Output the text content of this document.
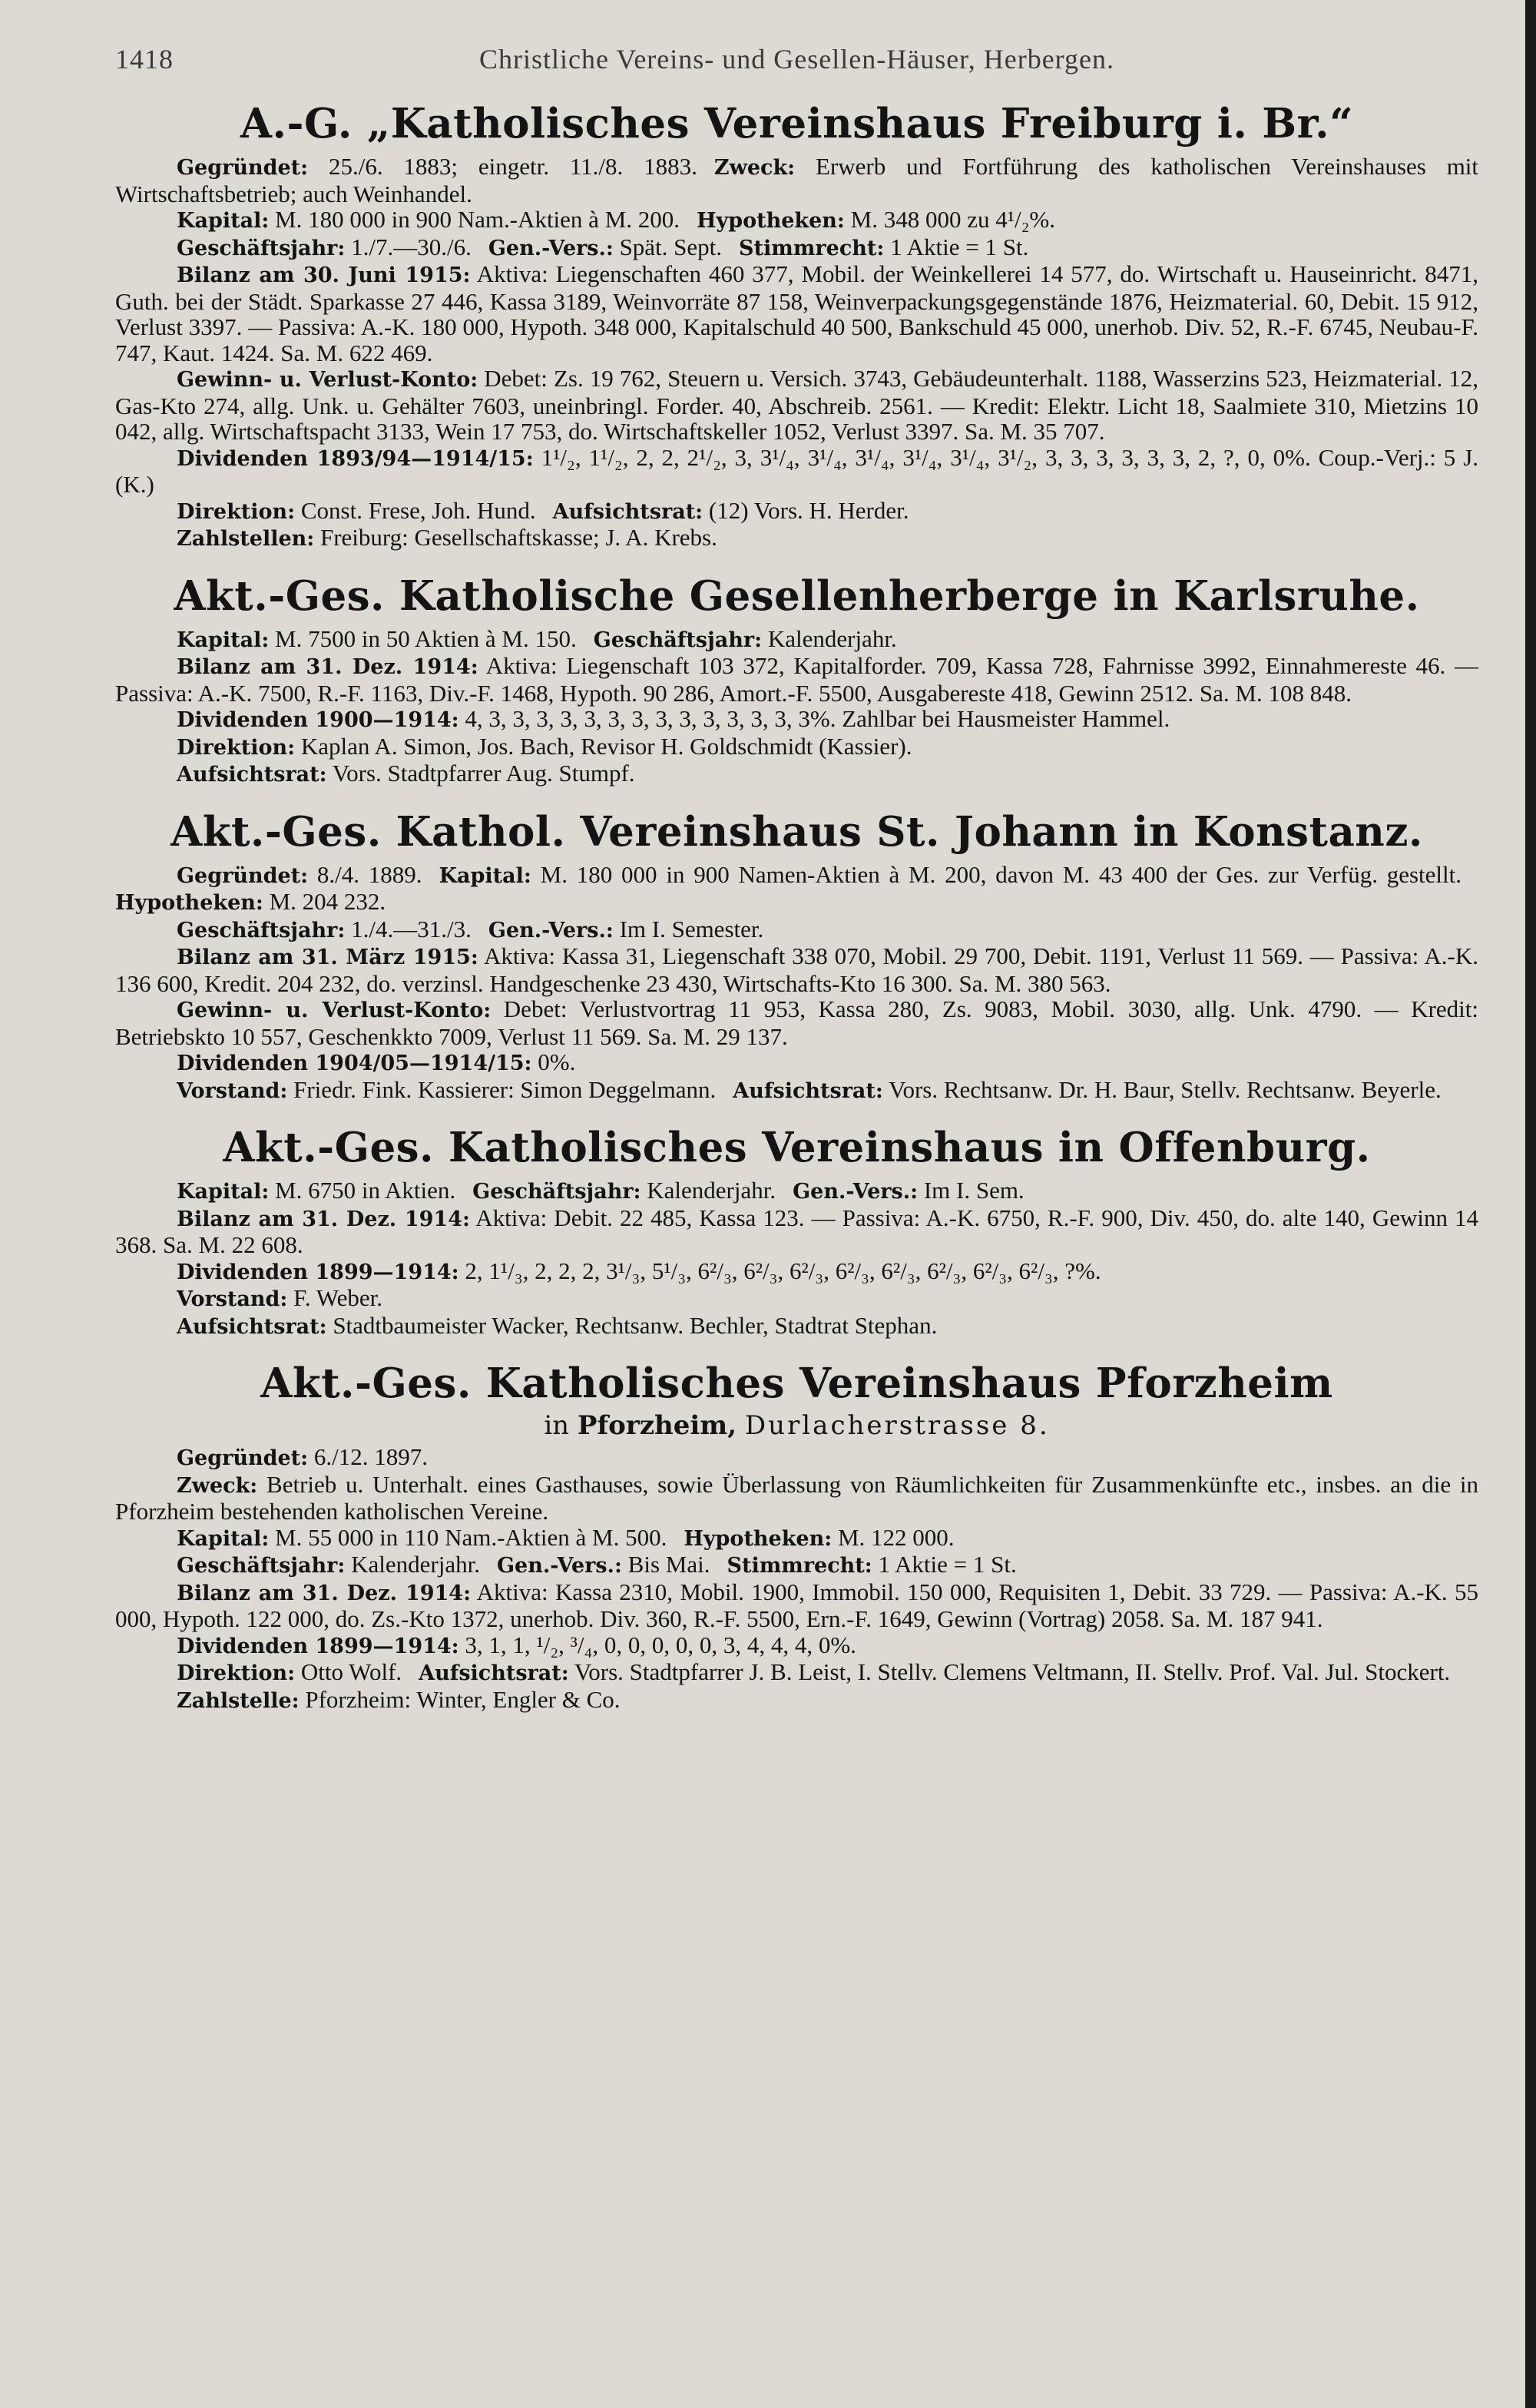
1418	Christliche Vereins- und Gesellen-Häuser, Herbergen.
A.-G. „Katholisches Vereinshaus Freiburg i. Br.“

Gegründet: 25./6. 1883; eingetr. 11./8. 1883. Zweck: Erwerb und Fortführung des katholischen Vereinshauses mit Wirtschaftsbetrieb; auch Weinhandel.

Kapital: M. 180 000 in 900 Nam.-Aktien à M. 200. Hypotheken: M. 348 000 zu 4¹/₂%.

Geschäftsjahr: 1./7.—30./6. Gen.-Vers.: Spät. Sept. Stimmrecht: 1 Aktie = 1 St.

Bilanz am 30. Juni 1915: Aktiva: Liegenschaften 460 377, Mobil. der Weinkellerei 14 577, do. Wirtschaft u. Hauseinricht. 8471, Guth. bei der Städt. Sparkasse 27 446, Kassa 3189, Weinvorräte 87 158, Weinverpackungsgegenstände 1876, Heizmaterial. 60, Debit. 15 912, Verlust 3397. — Passiva: A.-K. 180 000, Hypoth. 348 000, Kapitalschuld 40 500, Bankschuld 45 000, unerhob. Div. 52, R.-F. 6745, Neubau-F. 747, Kaut. 1424. Sa. M. 622 469.

Gewinn- u. Verlust-Konto: Debet: Zs. 19 762, Steuern u. Versich. 3743, Gebäudeunterhalt. 1188, Wasserzins 523, Heizmaterial. 12, Gas-Kto 274, allg. Unk. u. Gehälter 7603, uneinbringl. Forder. 40, Abschreib. 2561. — Kredit: Elektr. Licht 18, Saalmiete 310, Mietzins 10 042, allg. Wirtschaftspacht 3133, Wein 17 753, do. Wirtschaftskeller 1052, Verlust 3397. Sa. M. 35 707.

Dividenden 1893/94—1914/15: 1¹/₂, 1¹/₂, 2, 2, 2¹/₂, 3, 3¹/₄, 3¹/₄, 3¹/₄, 3¹/₄, 3¹/₄, 3¹/₂, 3, 3, 3, 3, 3, 3, 2, ?, 0, 0%. Coup.-Verj.: 5 J. (K.)

Direktion: Const. Frese, Joh. Hund. Aufsichtsrat: (12) Vors. H. Herder.

Zahlstellen: Freiburg: Gesellschaftskasse; J. A. Krebs.

Akt.-Ges. Katholische Gesellenherberge in Karlsruhe.

Kapital: M. 7500 in 50 Aktien à M. 150. Geschäftsjahr: Kalenderjahr.

Bilanz am 31. Dez. 1914: Aktiva: Liegenschaft 103 372, Kapitalforder. 709, Kassa 728, Fahrnisse 3992, Einnahmereste 46. — Passiva: A.-K. 7500, R.-F. 1163, Div.-F. 1468, Hypoth. 90 286, Amort.-F. 5500, Ausgabereste 418, Gewinn 2512. Sa. M. 108 848.

Dividenden 1900—1914: 4, 3, 3, 3, 3, 3, 3, 3, 3, 3, 3, 3, 3, 3, 3%. Zahlbar bei Hausmeister Hammel.

Direktion: Kaplan A. Simon, Jos. Bach, Revisor H. Goldschmidt (Kassier).

Aufsichtsrat: Vors. Stadtpfarrer Aug. Stumpf.

Akt.-Ges. Kathol. Vereinshaus St. Johann in Konstanz.

Gegründet: 8./4. 1889. Kapital: M. 180 000 in 900 Namen-Aktien à M. 200, davon M. 43 400 der Ges. zur Verfüg. gestellt.Hypotheken: M. 204 232.

Geschäftsjahr: 1./4.—31./3. Gen.-Vers.: Im I. Semester.

Bilanz am 31. März 1915: Aktiva: Kassa 31, Liegenschaft 338 070, Mobil. 29 700, Debit. 1191, Verlust 11 569. — Passiva: A.-K. 136 600, Kredit. 204 232, do. verzinsl. Handgeschenke 23 430, Wirtschafts-Kto 16 300. Sa. M. 380 563.

Gewinn- u. Verlust-Konto: Debet: Verlustvortrag 11 953, Kassa 280, Zs. 9083, Mobil. 3030, allg. Unk. 4790. — Kredit: Betriebskto 10 557, Geschenkkto 7009, Verlust 11 569. Sa. M. 29 137.

Dividenden 1904/05—1914/15: 0%.

Vorstand: Friedr. Fink. Kassierer: Simon Deggelmann. Aufsichtsrat: Vors. Rechtsanw. Dr. H. Baur, Stellv. Rechtsanw. Beyerle.

Akt.-Ges. Katholisches Vereinshaus in Offenburg.

Kapital: M. 6750 in Aktien. Geschäftsjahr: Kalenderjahr. Gen.-Vers.: Im I. Sem.

Bilanz am 31. Dez. 1914: Aktiva: Debit. 22 485, Kassa 123. — Passiva: A.-K. 6750, R.-F. 900, Div. 450, do. alte 140, Gewinn 14 368. Sa. M. 22 608.

Dividenden 1899—1914: 2, 1¹/₃, 2, 2, 2, 3¹/₃, 5¹/₃, 6²/₃, 6²/₃, 6²/₃, 6²/₃, 6²/₃, 6²/₃, 6²/₃, 6²/₃, ?%.

Vorstand: F. Weber.

Aufsichtsrat: Stadtbaumeister Wacker, Rechtsanw. Bechler, Stadtrat Stephan.

Akt.-Ges. Katholisches Vereinshaus Pforzheim
in Pforzheim, Durlacherstrasse 8.

Gegründet: 6./12. 1897.

Zweck: Betrieb u. Unterhalt. eines Gasthauses, sowie Überlassung von Räumlichkeiten für Zusammenkünfte etc., insbes. an die in Pforzheim bestehenden katholischen Vereine.

Kapital: M. 55 000 in 110 Nam.-Aktien à M. 500. Hypotheken: M. 122 000.

Geschäftsjahr: Kalenderjahr. Gen.-Vers.: Bis Mai. Stimmrecht: 1 Aktie = 1 St.

Bilanz am 31. Dez. 1914: Aktiva: Kassa 2310, Mobil. 1900, Immobil. 150 000, Requisiten 1, Debit. 33 729. — Passiva: A.-K. 55 000, Hypoth. 122 000, do. Zs.-Kto 1372, unerhob. Div. 360, R.-F. 5500, Ern.-F. 1649, Gewinn (Vortrag) 2058. Sa. M. 187 941.

Dividenden 1899—1914: 3, 1, 1, ¹/₂, ³/₄, 0, 0, 0, 0, 0, 3, 4, 4, 4, 0%.

Direktion: Otto Wolf. Aufsichtsrat: Vors. Stadtpfarrer J. B. Leist, I. Stellv. Clemens Veltmann, II. Stellv. Prof. Val. Jul. Stockert.

Zahlstelle: Pforzheim: Winter, Engler & Co.
